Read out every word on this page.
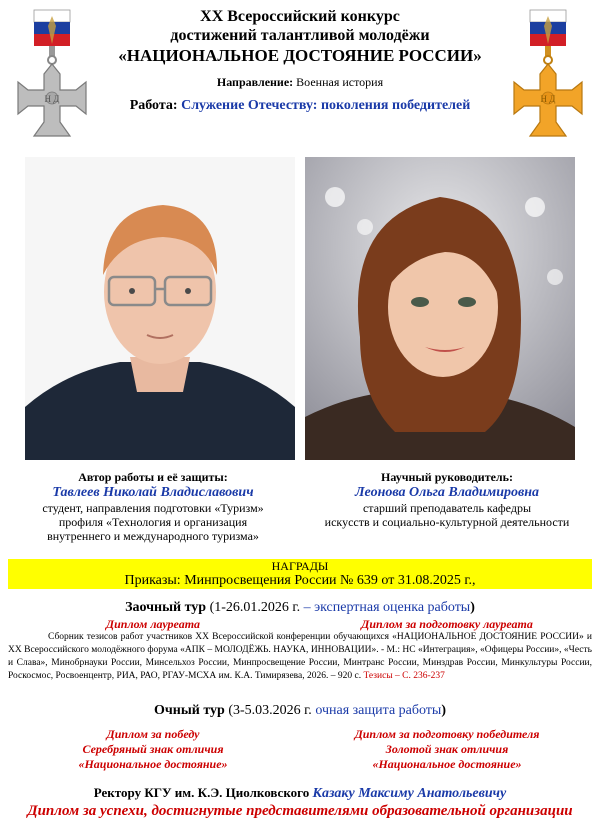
Н Д	Н Д
XX Всероссийский конкурс
достижений талантливой молодёжи
«НАЦИОНАЛЬНОЕ ДОСТОЯНИЕ РОССИИ»
Направление: Военная история
Работа: Служение Отечеству: поколения победителей
Автор работы и её защиты:
Тавлеев Николай Владиславович
студент, направления подготовки «Туризм»
профиля «Технология и организация
внутреннего и международного туризма»
Научный руководитель:
Леонова Ольга Владимировна
старший преподаватель кафедры
искусств и социально-культурной деятельности
НАГРАДЫ
Приказы: Минпросвещения России № 639 от 31.08.2025 г.,
Заочный тур (1-26.01.2026 г. – экспертная оценка работы)
Диплом лауреата	Диплом за подготовку лауреата
Сборник тезисов работ участников XX Всероссийской конференции обучающихся «НАЦИОНАЛЬНОЕ ДОСТОЯНИЕ РОССИИ» и XX Всероссийского молодёжного форума «АПК – МОЛОДЁЖЬ. НАУКА, ИННОВАЦИИ». - М.: НС «Интеграция», «Офицеры России», «Честь и Слава», Минобрнауки России, Минсельхоз России, Минпросвещение России, Минтранс России, Минздрав России, Минкультуры России, Роскосмос, Росвоенцентр, РИА, РАО, РГАУ-МСХА им. К.А. Тимирязева, 2026. – 920 с. Тезисы – С. 236-237
Очный тур (3-5.03.2026 г. очная защита работы)
Диплом за победу
Серебряный знак отличия
«Национальное достояние»
Диплом за подготовку победителя
Золотой знак отличия
«Национальное достояние»
Ректору КГУ им. К.Э. Циолковского Казаку Максиму Анатольевичу
Диплом за успехи, достигнутые представителями образовательной организации
